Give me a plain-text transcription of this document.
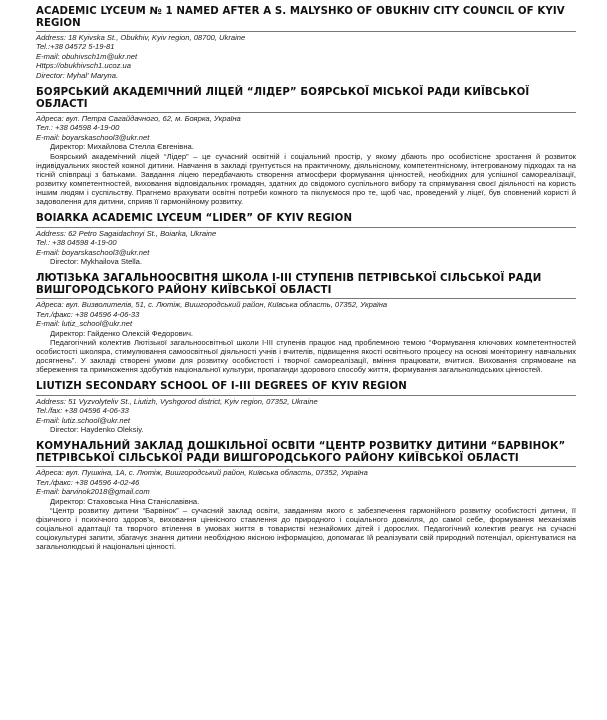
ACADEMIC LYCEUM № 1 NAMED AFTER A S. MALYSHKO OF OBUKHIV CITY COUNCIL OF KYIV REGION

Address: 18 Kyivska St., Obukhiv, Kyiv region, 08700, Ukraine

Tel.:+38 04572 5-19-81

E-mail: obuhivsch1m@ukr.net

Https://obukhivsch1.ucoz.ua

Director: Myhal' Maryna.

БОЯРСЬКИЙ АКАДЕМІЧНИЙ ЛІЦЕЙ “ЛІДЕР” БОЯРСЬКОЇ МІСЬКОЇ РАДИ КИЇВСЬКОЇ ОБЛАСТІ

Адреса: вул. Петра Сагайдачного, 62, м. Боярка, Україна

Тел.: +38 04598 4-19-00

E-mail: boyarskaschool3@ukr.net

Директор: Михайлова Стелла Євгенівна.

Боярський академічний ліцей “Лідер” – це сучасний освітній і соціальний простір, у якому дбають про особистісне зростання й розвиток індивідуальних якостей кожної дитини. Навчання в закладі грунтується на практичному, діяльнісному, компетентнісному, інтегрованому підходах та на тісній співпраці з батьками. Завдання ліцею передбачають створення атмосфери формування цінностей, необхідних для успішної самореалізації, розвитку компетентностей, виховання відповідальних громадян, здатних до свідомого суспільного вибору та спрямування своєї діяльності на користь іншим людям і суспільству. Прагнемо врахувати освітні потреби кожного та піклуємося про те, щоб час, проведений у ліцеї, був сповнений користі й задоволення для дитини, сприяв її гармонійному розвитку.

BOIARKA ACADEMIC LYCEUM “LIDER” OF KYIV REGION

Address: 62 Petro Sagaidachnyi St., Boiarka, Ukraine

Tel.: +38 04598 4-19-00

E-mail: boyarskaschool3@ukr.net

Director: Mykhailova Stella.

ЛЮТІЗЬКА ЗАГАЛЬНООСВІТНЯ ШКОЛА І-ІІІ СТУПЕНІВ ПЕТРІВСЬКОЇ СІЛЬСЬКОЇ РАДИ ВИШГОРОДСЬКОГО РАЙОНУ КИЇВСЬКОЇ ОБЛАСТІ

Адреса: вул. Визволителів, 51, с. Лютіж, Вишгородський район, Київська область, 07352, Україна

Тел./факс: +38 04596 4-06-33

E-mail: lutiz_school@ukr.net

Директор: Гайденко Олексій Федорович.

Педагогічний колектив Лютізької загальноосвітньої школи І-ІІІ ступенів працює над проблемною темою “Формування ключових компетентностей особистості школяра, стимулювання самоосвітньої діяльності учнів і вчителів, підвищення якості освітнього процесу на основі моніторингу навчальних досягнень”. У закладі створені умови для розвитку особистості і творчої самореалізації, вміння працювати, вчитися. Виховання спрямоване на збереження та примноження здобутків національної культури, пропаганди здорового способу життя, формування загальнолюдських цінностей.

LIUTIZH SECONDARY SCHOOL OF I-III DEGREES OF KYIV REGION

Address: 51 Vyzvolyteliv St., Liutizh, Vyshgorod district, Kyiv region, 07352, Ukraine

Tel./fax: +38 04596 4-06-33

E-mail: lutiz.school@ukr.net

Director: Haydenko Oleksiy.

КОМУНАЛЬНИЙ ЗАКЛАД ДОШКІЛЬНОЇ ОСВІТИ “ЦЕНТР РОЗВИТКУ ДИТИНИ “БАРВІНОК” ПЕТРІВСЬКОЇ СІЛЬСЬКОЇ РАДИ ВИШГОРОДСЬКОГО РАЙОНУ КИЇВСЬКОЇ ОБЛАСТІ

Адреса: вул. Пушкіна, 1А, с. Лютіж, Вишгородський район, Київська область, 07352, Україна

Тел./факс: +38 04596 4-02-46

E-mail: barvinok2018@gmail.com

Директор: Стаховська Ніна Станіславівна.

“Центр розвитку дитини “Барвінок” – сучасний заклад освіти, завданням якого є забезпечення гармонійного розвитку особистості дитини, її фізичного і психічного здоров’я, виховання ціннісного ставлення до природного і соціального довкілля, до самої себе, формування механізмів соціальної адаптації та творчого втілення в умовах життя в товаристві незнайомих дітей і дорослих. Педагогічний колектив реагує на сучасні соціокультурні запити, збагачує знання дитини необхідною якісною інформацією, допомагає їй реалізувати свій природний потенціал, орієнтуватися на загальнолюдські й національні цінності.
